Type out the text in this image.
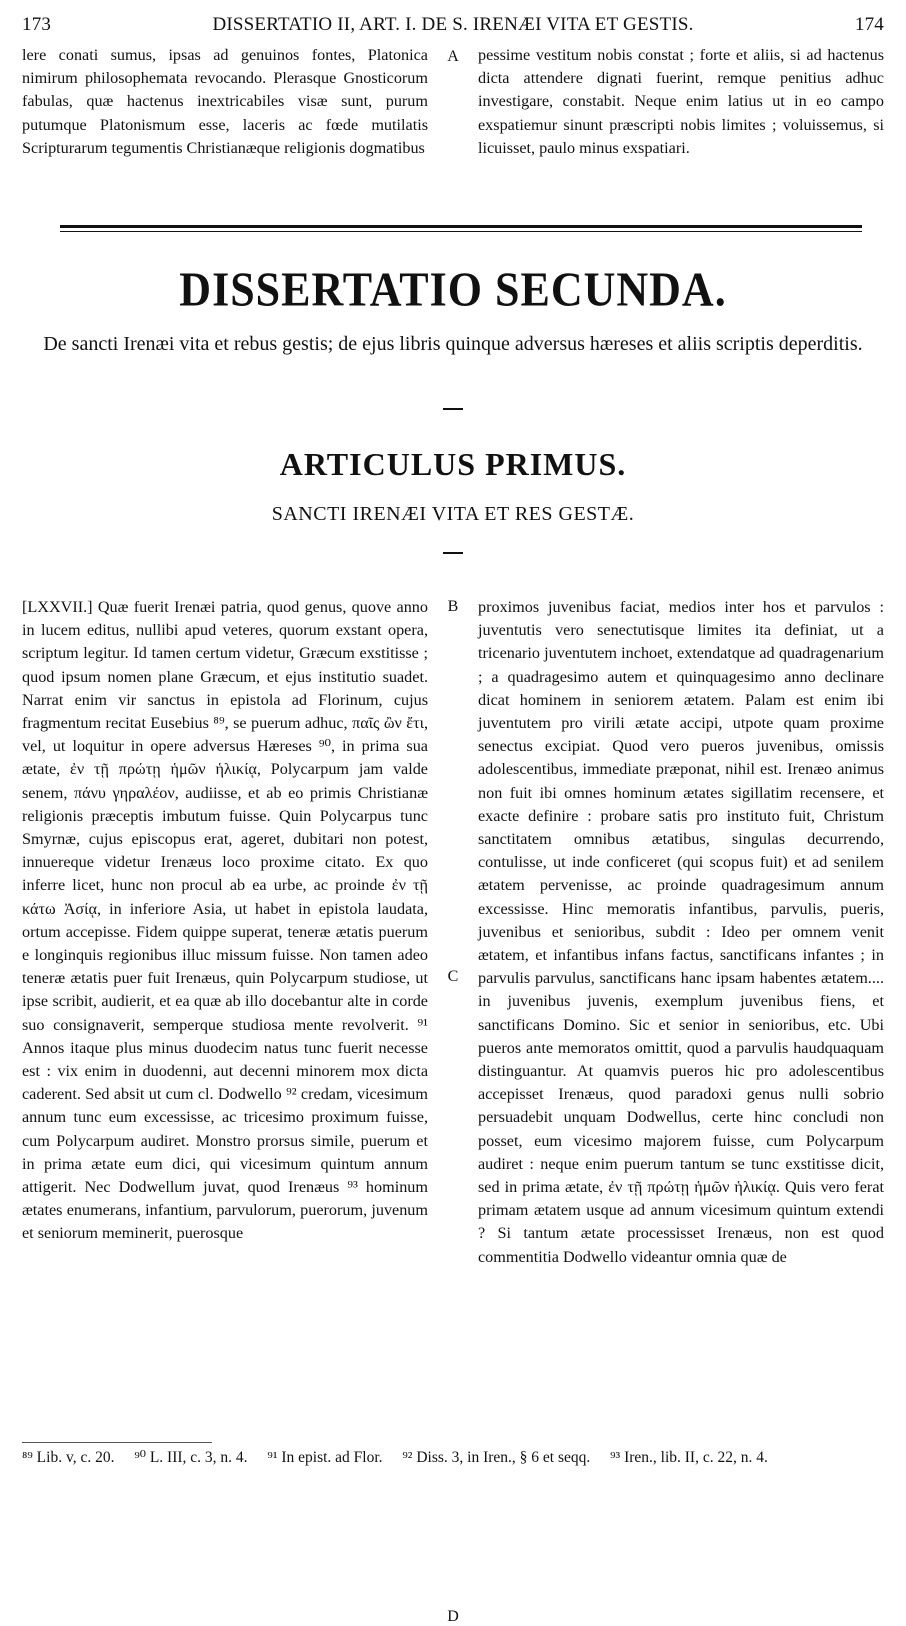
173	DISSERTATIO II, ART. I. DE S. IRENÆI VITA ET GESTIS.	174

lere conati sumus, ipsas ad genuinos fontes, Platonica nimirum philosophemata revocando. Plerasque Gnosticorum fabulas, quæ hactenus inextricabiles visæ sunt, purum putumque Platonismum esse, laceris ac fœde mutilatis Scripturarum tegumentis Christianæque religionis dogmatibus

A pessime vestitum nobis constat ; forte et aliis, si ad hactenus dicta attendere dignati fuerint, remque penitius adhuc investigare, constabit. Neque enim latius ut in eo campo exspatiemur sinunt præscripti nobis limites ; voluissemus, si licuisset, paulo minus exspatiari.

DISSERTATIO SECUNDA.
De sancti Irenæi vita et rebus gestis; de ejus libris quinque adversus hæreses et aliis scriptis deperditis.
ARTICULUS PRIMUS.
SANCTI IRENÆI VITA ET RES GESTÆ.

[LXXVII.] Quæ fuerit Irenæi patria, quod genus, quove anno in lucem editus, nullibi apud veteres, quorum exstant opera, scriptum legitur. Id tamen certum videtur, Græcum exstitisse ; quod ipsum nomen plane Græcum, et ejus institutio suadet. Narrat enim vir sanctus in epistola ad Florinum, cujus fragmentum recitat Eusebius ⁸⁹, se puerum adhuc, παῖς ὢν ἔτι, vel, ut loquitur in opere adversus Hæreses ⁹⁰, in prima sua ætate, ἐν τῇ πρώτῃ ἡμῶν ἡλικίᾳ, Polycarpum jam valde senem, πάνυ γηραλέον, audiisse, et ab eo primis Christianæ religionis præceptis imbutum fuisse. Quin Polycarpus tunc Smyrnæ, cujus episcopus erat, ageret, dubitari non potest, innuereque videtur Irenæus loco proxime citato. Ex quo inferre licet, hunc non procul ab ea urbe, ac proinde ἐν τῇ κάτω Ἀσίᾳ, in inferiore Asia, ut habet in epistola laudata, ortum accepisse. Fidem quippe superat, teneræ ætatis puerum e longinquis regionibus illuc missum fuisse. Non tamen adeo teneræ ætatis puer fuit Irenæus, quin Polycarpum studiose, ut ipse scribit, audierit, et ea quæ ab illo docebantur alte in corde suo consignaverit, semperque studiosa mente revolverit. ⁹¹ Annos itaque plus minus duodecim natus tunc fuerit necesse est : vix enim in duodenni, aut decenni minorem mox dicta caderent. Sed absit ut cum cl. Dodwello ⁹² credam, vicesimum annum tunc eum excessisse, ac tricesimo proximum fuisse, cum Polycarpum audiret. Monstro prorsus simile, puerum et in prima ætate eum dici, qui vicesimum quintum annum attigerit. Nec Dodwellum juvat, quod Irenæus ⁹³ hominum ætates enumerans, infantium, parvulorum, puerorum, juvenum et seniorum meminerit, puerosque

B
C
D

proximos juvenibus faciat, medios inter hos et parvulos : juventutis vero senectutisque limites ita definiat, ut a tricenario juventutem inchoet, extendatque ad quadragenarium ; a quadragesimo autem et quinquagesimo anno declinare dicat hominem in seniorem ætatem. Palam est enim ibi juventutem pro virili ætate accipi, utpote quam proxime senectus excipiat. Quod vero pueros juvenibus, omissis adolescentibus, immediate præponat, nihil est. Irenæo animus non fuit ibi omnes hominum ætates sigillatim recensere, et exacte definire : probare satis pro instituto fuit, Christum sanctitatem omnibus ætatibus, singulas decurrendo, contulisse, ut inde conficeret (qui scopus fuit) et ad senilem ætatem pervenisse, ac proinde quadragesimum annum excessisse. Hinc memoratis infantibus, parvulis, pueris, juvenibus et senioribus, subdit : Ideo per omnem venit ætatem, et infantibus infans factus, sanctificans infantes ; in parvulis parvulus, sanctificans hanc ipsam habentes ætatem.... in juvenibus juvenis, exemplum juvenibus fiens, et sanctificans Domino. Sic et senior in senioribus, etc. Ubi pueros ante memoratos omittit, quod a parvulis haudquaquam distinguantur. At quamvis pueros hic pro adolescentibus accepisset Irenæus, quod paradoxi genus nulli sobrio persuadebit unquam Dodwellus, certe hinc concludi non posset, eum vicesimo majorem fuisse, cum Polycarpum audiret : neque enim puerum tantum se tunc exstitisse dicit, sed in prima ætate, ἐν τῇ πρώτῃ ἡμῶν ἡλικίᾳ. Quis vero ferat primam ætatem usque ad annum vicesimum quintum extendi ? Si tantum ætate processisset Irenæus, non est quod commentitia Dodwello videantur omnia quæ de

⁸⁹ Lib. v, c. 20. ⁹⁰ L. III, c. 3, n. 4. ⁹¹ In epist. ad Flor. ⁹² Diss. 3, in Iren., § 6 et seqq. ⁹³ Iren., lib. II, c. 22, n. 4.
